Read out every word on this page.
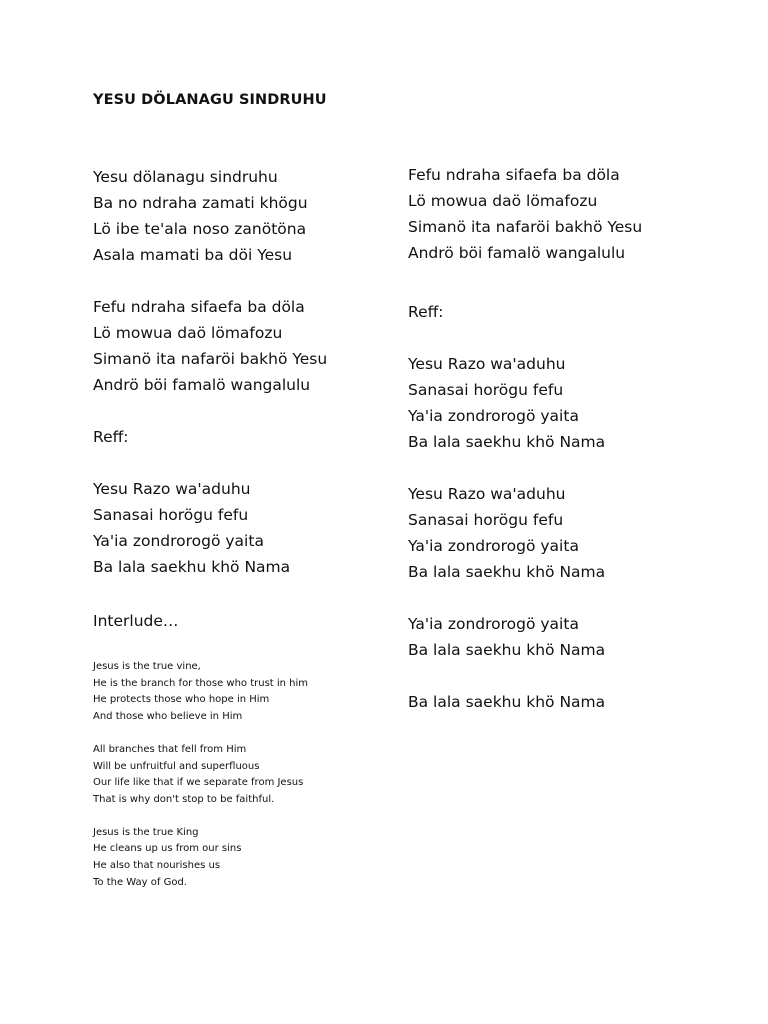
YESU DÖLANAGU SINDRUHU
Yesu dölanagu sindruhu
Ba no ndraha zamati khögu
Lö ibe te'ala noso zanötöna
Asala mamati ba döi Yesu
Fefu ndraha sifaefa ba döla
Lö mowua daö lömafozu
Simanö ita nafaröi bakhö Yesu
Andrö böi famalö wangalulu
Reff:
Yesu Razo wa'aduhu
Sanasai horögu fefu
Ya'ia zondrorogö yaita
Ba lala saekhu khö Nama
Interlude…
Jesus is the true vine,
He is the branch for those who trust in him
He protects those who hope in Him
And those who believe in Him
All branches that fell from Him
Will be unfruitful and superfluous
Our life like that if we separate from Jesus
That is why don't stop to be faithful.
Jesus is the true King
He cleans up us from our sins
He also that nourishes us
To the Way of God.
Fefu ndraha sifaefa ba döla
Lö mowua daö lömafozu
Simanö ita nafaröi bakhö Yesu
Andrö böi famalö wangalulu
Reff:
Yesu Razo wa'aduhu
Sanasai horögu fefu
Ya'ia zondrorogö yaita
Ba lala saekhu khö Nama
Yesu Razo wa'aduhu
Sanasai horögu fefu
Ya'ia zondrorogö yaita
Ba lala saekhu khö Nama
Ya'ia zondrorogö yaita
Ba lala saekhu khö Nama
Ba lala saekhu khö Nama
